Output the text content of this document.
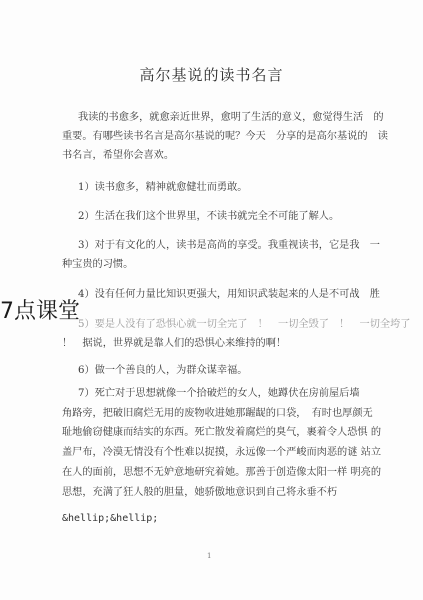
高尔基说的读书名言
我读的书愈多，就愈亲近世界，愈明了生活的意义，愈觉得生活　的
重要。有哪些读书名言是高尔基说的呢？今天　分享的是高尔基说的　读
书名言，希望你会喜欢。
1）读书愈多，精神就愈健壮而勇敢。
2）生活在我们这个世界里，不读书就完全不可能了解人。
3）对于有文化的人，读书是高尚的享受。我重视读书，它是我　一
种宝贵的习惯。
4）没有任何力量比知识更强大，用知识武装起来的人是不可战　胜
5）要是人没有了恐惧心就一切全完了　！　一切全毁了　！　一切全垮了
！　据说，世界就是靠人们的恐惧心来维持的啊！
6）做一个善良的人，为群众谋幸福。
7）死亡对于思想就像一个拾破烂的女人，她蹲伏在房前屋后墙
角路旁，把破旧腐烂无用的废物收进她那龌龊的口袋，　有时也厚颜无
耻地偷窃健康而结实的东西。死亡散发着腐烂的臭气，裹着令人恐惧 的
盖尸布，冷漠无情没有个性难以捉摸，永远像一个严峻而肉恶的谜 站立
在人的面前，思想不无妒意地研究着她。那善于创造像太阳一样 明亮的
思想，充满了狂人般的胆量，她骄傲地意识到自己将永垂不朽
&hellip;&hellip;
1
7点课堂
